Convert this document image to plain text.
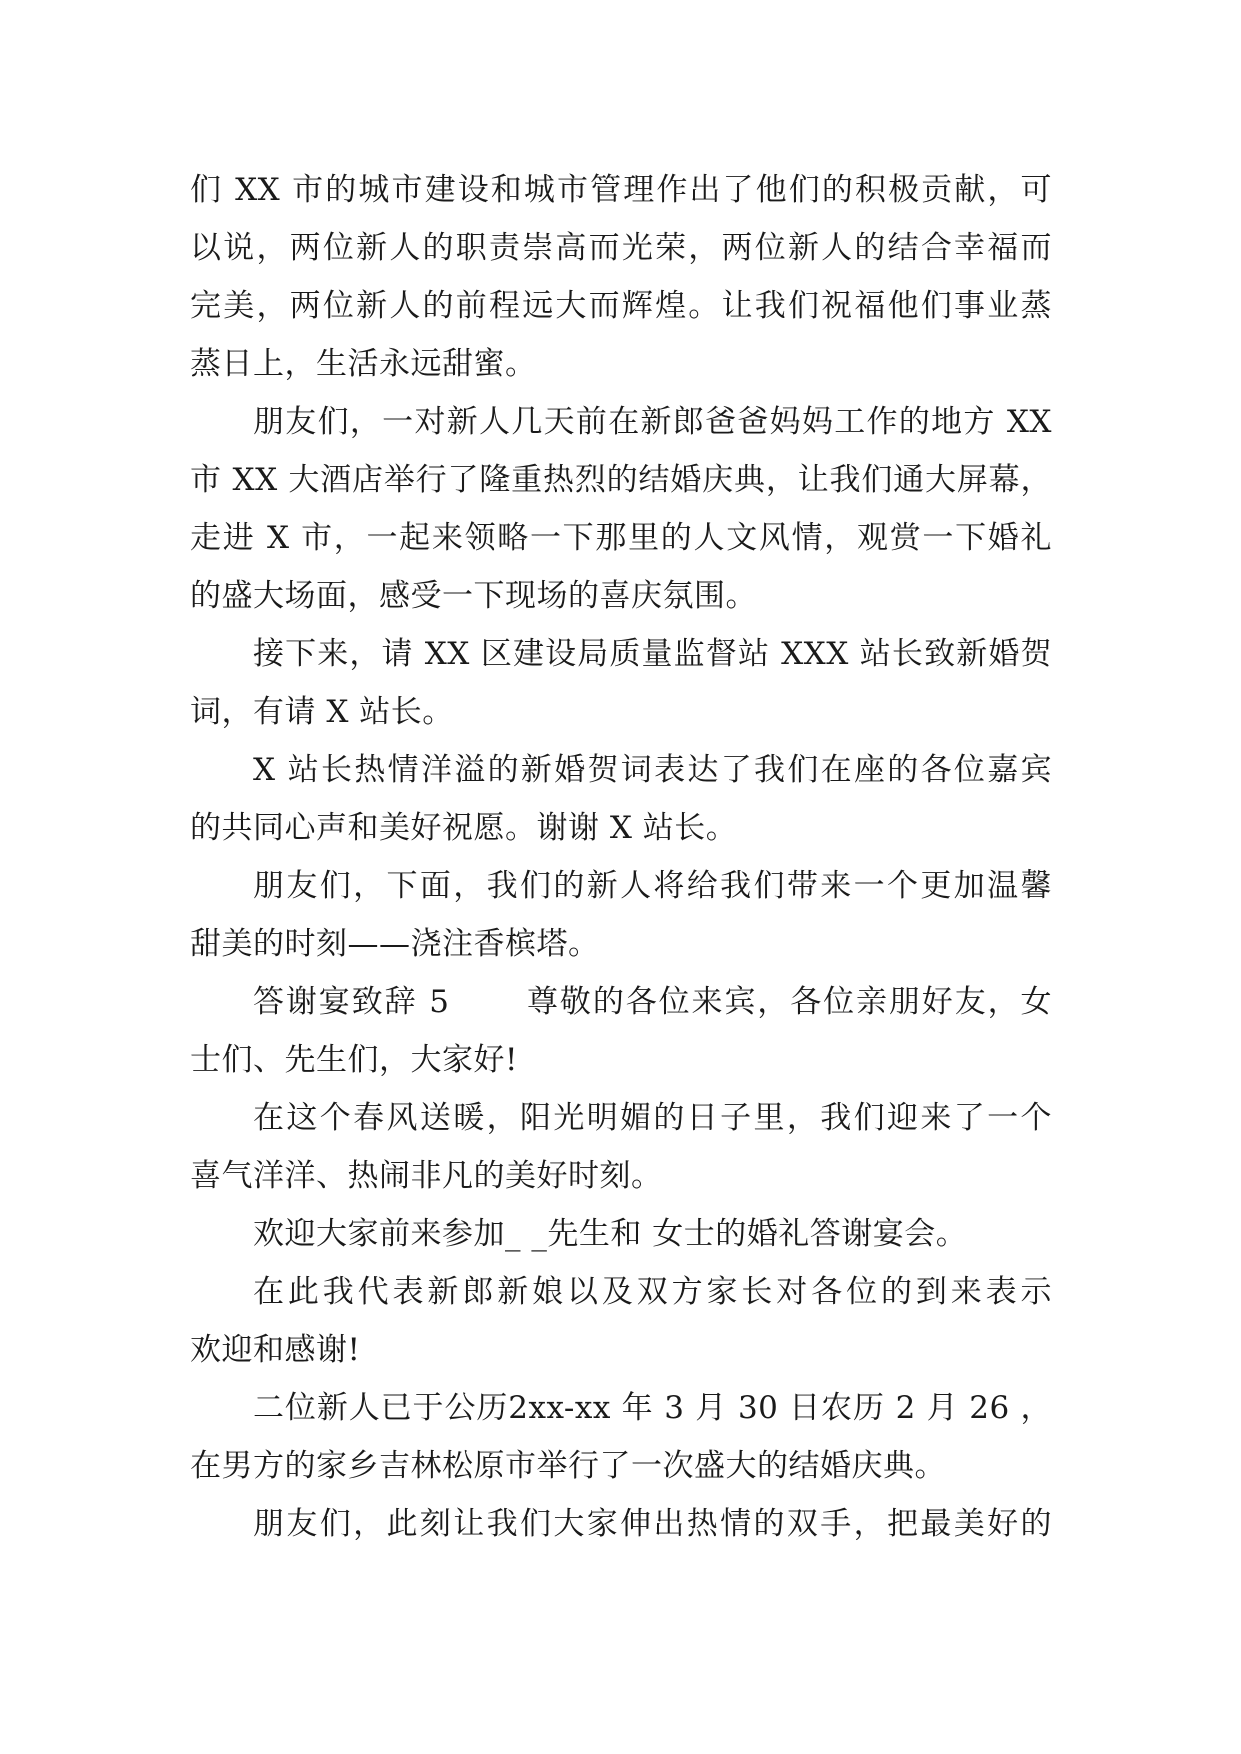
们 XX 市的城市建设和城市管理作出了他们的积极贡献，可
以说，两位新人的职责崇高而光荣，两位新人的结合幸福而
完美，两位新人的前程远大而辉煌。让我们祝福他们事业蒸
蒸日上，生活永远甜蜜。
朋友们，一对新人几天前在新郎爸爸妈妈工作的地方 XX
市 XX 大酒店举行了隆重热烈的结婚庆典，让我们通大屏幕，
走进 X 市，一起来领略一下那里的人文风情，观赏一下婚礼
的盛大场面，感受一下现场的喜庆氛围。
接下来，请 XX 区建设局质量监督站 XXX 站长致新婚贺
词，有请 X 站长。
X 站长热情洋溢的新婚贺词表达了我们在座的各位嘉宾
的共同心声和美好祝愿。谢谢 X 站长。
朋友们，下面，我们的新人将给我们带来一个更加温馨
甜美的时刻——浇注香槟塔。
答谢宴致辞 5 　　尊敬的各位来宾，各位亲朋好友，女
士们、先生们，大家好!
在这个春风送暖，阳光明媚的日子里，我们迎来了一个
喜气洋洋、热闹非凡的美好时刻。
欢迎大家前来参加_ _先生和 女士的婚礼答谢宴会。
在此我代表新郎新娘以及双方家长对各位的到来表示
欢迎和感谢!
二位新人已于公历2xx-xx 年 3 月 30 日农历 2 月 26 ，
在男方的家乡吉林松原市举行了一次盛大的结婚庆典。
朋友们，此刻让我们大家伸出热情的双手，把最美好的
